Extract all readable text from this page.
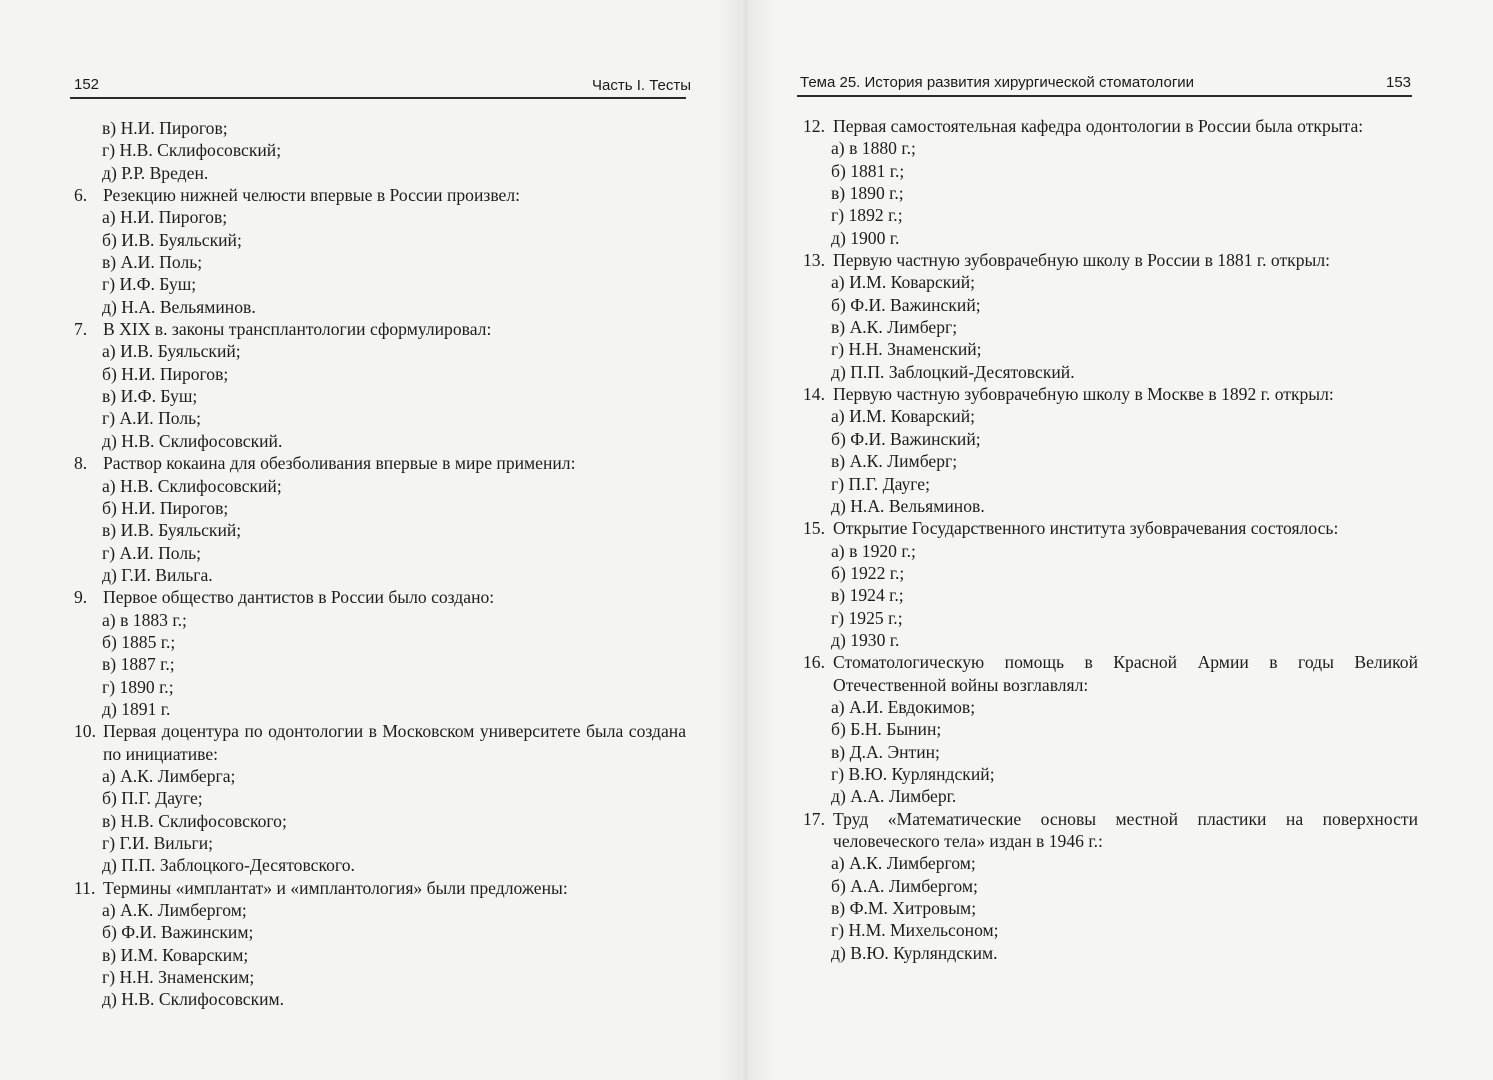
152	Часть I. Тесты	Тема 25. История развития хирургической стоматологии	153
в) Н.И. Пирогов;
г) Н.В. Склифосовский;
д) Р.Р. Вреден.
6. Резекцию нижней челюсти впервые в России произвел:
а) Н.И. Пирогов;
б) И.В. Буяльский;
в) А.И. Поль;
г) И.Ф. Буш;
д) Н.А. Вельяминов.
7. В XIX в. законы трансплантологии сформулировал:
а) И.В. Буяльский;
б) Н.И. Пирогов;
в) И.Ф. Буш;
г) А.И. Поль;
д) Н.В. Склифосовский.
8. Раствор кокаина для обезболивания впервые в мире применил:
а) Н.В. Склифосовский;
б) Н.И. Пирогов;
в) И.В. Буяльский;
г) А.И. Поль;
д) Г.И. Вильга.
9. Первое общество дантистов в России было создано:
а) в 1883 г.;
б) 1885 г.;
в) 1887 г.;
г) 1890 г.;
д) 1891 г.
10. Первая доцентура по одонтологии в Московском университете была создана по инициативе:
а) А.К. Лимберга;
б) П.Г. Дауге;
в) Н.В. Склифосовского;
г) Г.И. Вильги;
д) П.П. Заблоцкого-Десятовского.
11. Термины «имплантат» и «имплантология» были предложены:
а) А.К. Лимбергом;
б) Ф.И. Важинским;
в) И.М. Коварским;
г) Н.Н. Знаменским;
д) Н.В. Склифосовским.
12. Первая самостоятельная кафедра одонтологии в России была открыта:
а) в 1880 г.;
б) 1881 г.;
в) 1890 г.;
г) 1892 г.;
д) 1900 г.
13. Первую частную зубоврачебную школу в России в 1881 г. открыл:
а) И.М. Коварский;
б) Ф.И. Важинский;
в) А.К. Лимберг;
г) Н.Н. Знаменский;
д) П.П. Заблоцкий-Десятовский.
14. Первую частную зубоврачебную школу в Москве в 1892 г. открыл:
а) И.М. Коварский;
б) Ф.И. Важинский;
в) А.К. Лимберг;
г) П.Г. Дауге;
д) Н.А. Вельяминов.
15. Открытие Государственного института зубоврачевания состоялось:
а) в 1920 г.;
б) 1922 г.;
в) 1924 г.;
г) 1925 г.;
д) 1930 г.
16. Стоматологическую помощь в Красной Армии в годы Великой Отечественной войны возглавлял:
а) А.И. Евдокимов;
б) Б.Н. Бынин;
в) Д.А. Энтин;
г) В.Ю. Курляндский;
д) А.А. Лимберг.
17. Труд «Математические основы местной пластики на поверхности человеческого тела» издан в 1946 г.:
а) А.К. Лимбергом;
б) А.А. Лимбергом;
в) Ф.М. Хитровым;
г) Н.М. Михельсоном;
д) В.Ю. Курляндским.
